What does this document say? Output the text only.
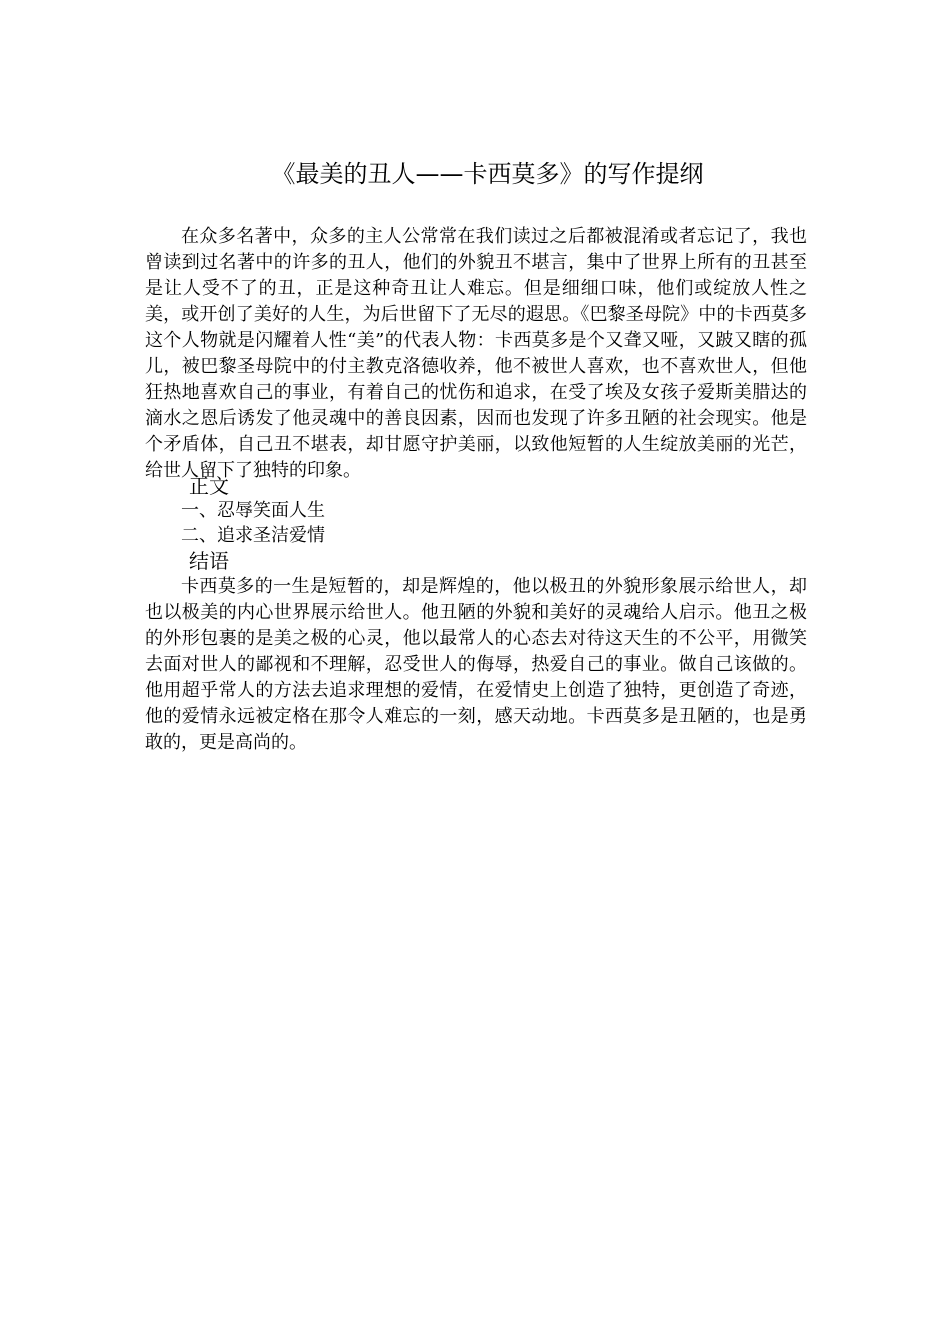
《最美的丑人——卡西莫多》的写作提纲

在众多名著中，众多的主人公常常在我们读过之后都被混淆或者忘记了，我也曾读到过名著中的许多的丑人，他们的外貌丑不堪言，集中了世界上所有的丑甚至是让人受不了的丑，正是这种奇丑让人难忘。但是细细口味，他们或绽放人性之美，或开创了美好的人生，为后世留下了无尽的遐思。《巴黎圣母院》中的卡西莫多这个人物就是闪耀着人性“美”的代表人物：卡西莫多是个又聋又哑，又跛又瞎的孤儿，被巴黎圣母院中的付主教克洛德收养，他不被世人喜欢，也不喜欢世人，但他狂热地喜欢自己的事业，有着自己的忧伤和追求，在受了埃及女孩子爱斯美腊达的滴水之恩后诱发了他灵魂中的善良因素，因而也发现了许多丑陋的社会现实。他是个矛盾体，自己丑不堪表，却甘愿守护美丽，以致他短暂的人生绽放美丽的光芒，给世人留下了独特的印象。

正文

一、忍辱笑面人生

二、追求圣洁爱情

结语

卡西莫多的一生是短暂的，却是辉煌的，他以极丑的外貌形象展示给世人，却也以极美的内心世界展示给世人。他丑陋的外貌和美好的灵魂给人启示。他丑之极的外形包裹的是美之极的心灵，他以最常人的心态去对待这天生的不公平，用微笑去面对世人的鄙视和不理解，忍受世人的侮辱，热爱自己的事业。做自己该做的。他用超乎常人的方法去追求理想的爱情，在爱情史上创造了独特，更创造了奇迹，他的爱情永远被定格在那令人难忘的一刻，感天动地。卡西莫多是丑陋的，也是勇敢的，更是高尚的。
